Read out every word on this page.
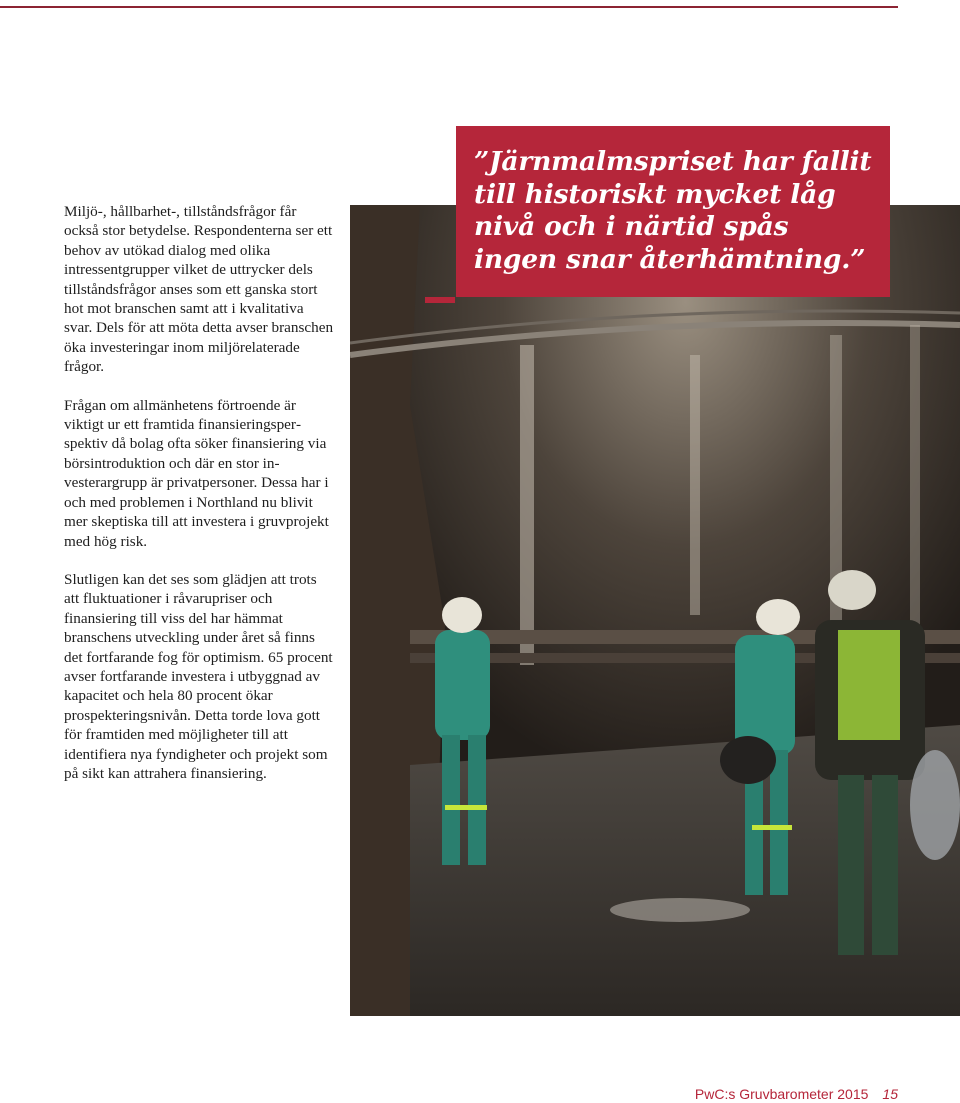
Miljö-, hållbarhet-, tillståndsfrågor får också stor betydelse. Respondenterna ser ett behov av utökad dialog med olika intressentgrupper vilket de uttrycker dels tillståndsfrågor anses som ett ganska stort hot mot branschen samt att i kvalitativa svar. Dels för att möta detta avser branschen öka investeringar inom miljörelaterade frågor.

Frågan om allmänhetens förtroende är viktigt ur ett framtida finansieringsperspektiv då bolag ofta söker finansiering via börsintroduktion och där en stor investerargrupp är privatpersoner. Dessa har i och med problemen i Northland nu blivit mer skeptiska till att investera i gruvprojekt med hög risk.

Slutligen kan det ses som glädjen att trots att fluktuationer i råvarupriser och finansiering till viss del har hämmat branschens utveckling under året så finns det fortfarande fog för optimism. 65 procent avser fortfarande investera i utbyggnad av kapacitet och hela 80 procent ökar prospekteringsnivån. Detta torde lova gott för framtiden med möjligheter till att identifiera nya fyndigheter och projekt som på sikt kan attrahera finansiering.

”Järnmalmspriset har fallit till historiskt mycket låg nivå och i närtid spås ingen snar återhämtning.”

PwC:s Gruvbarometer 2015 15
